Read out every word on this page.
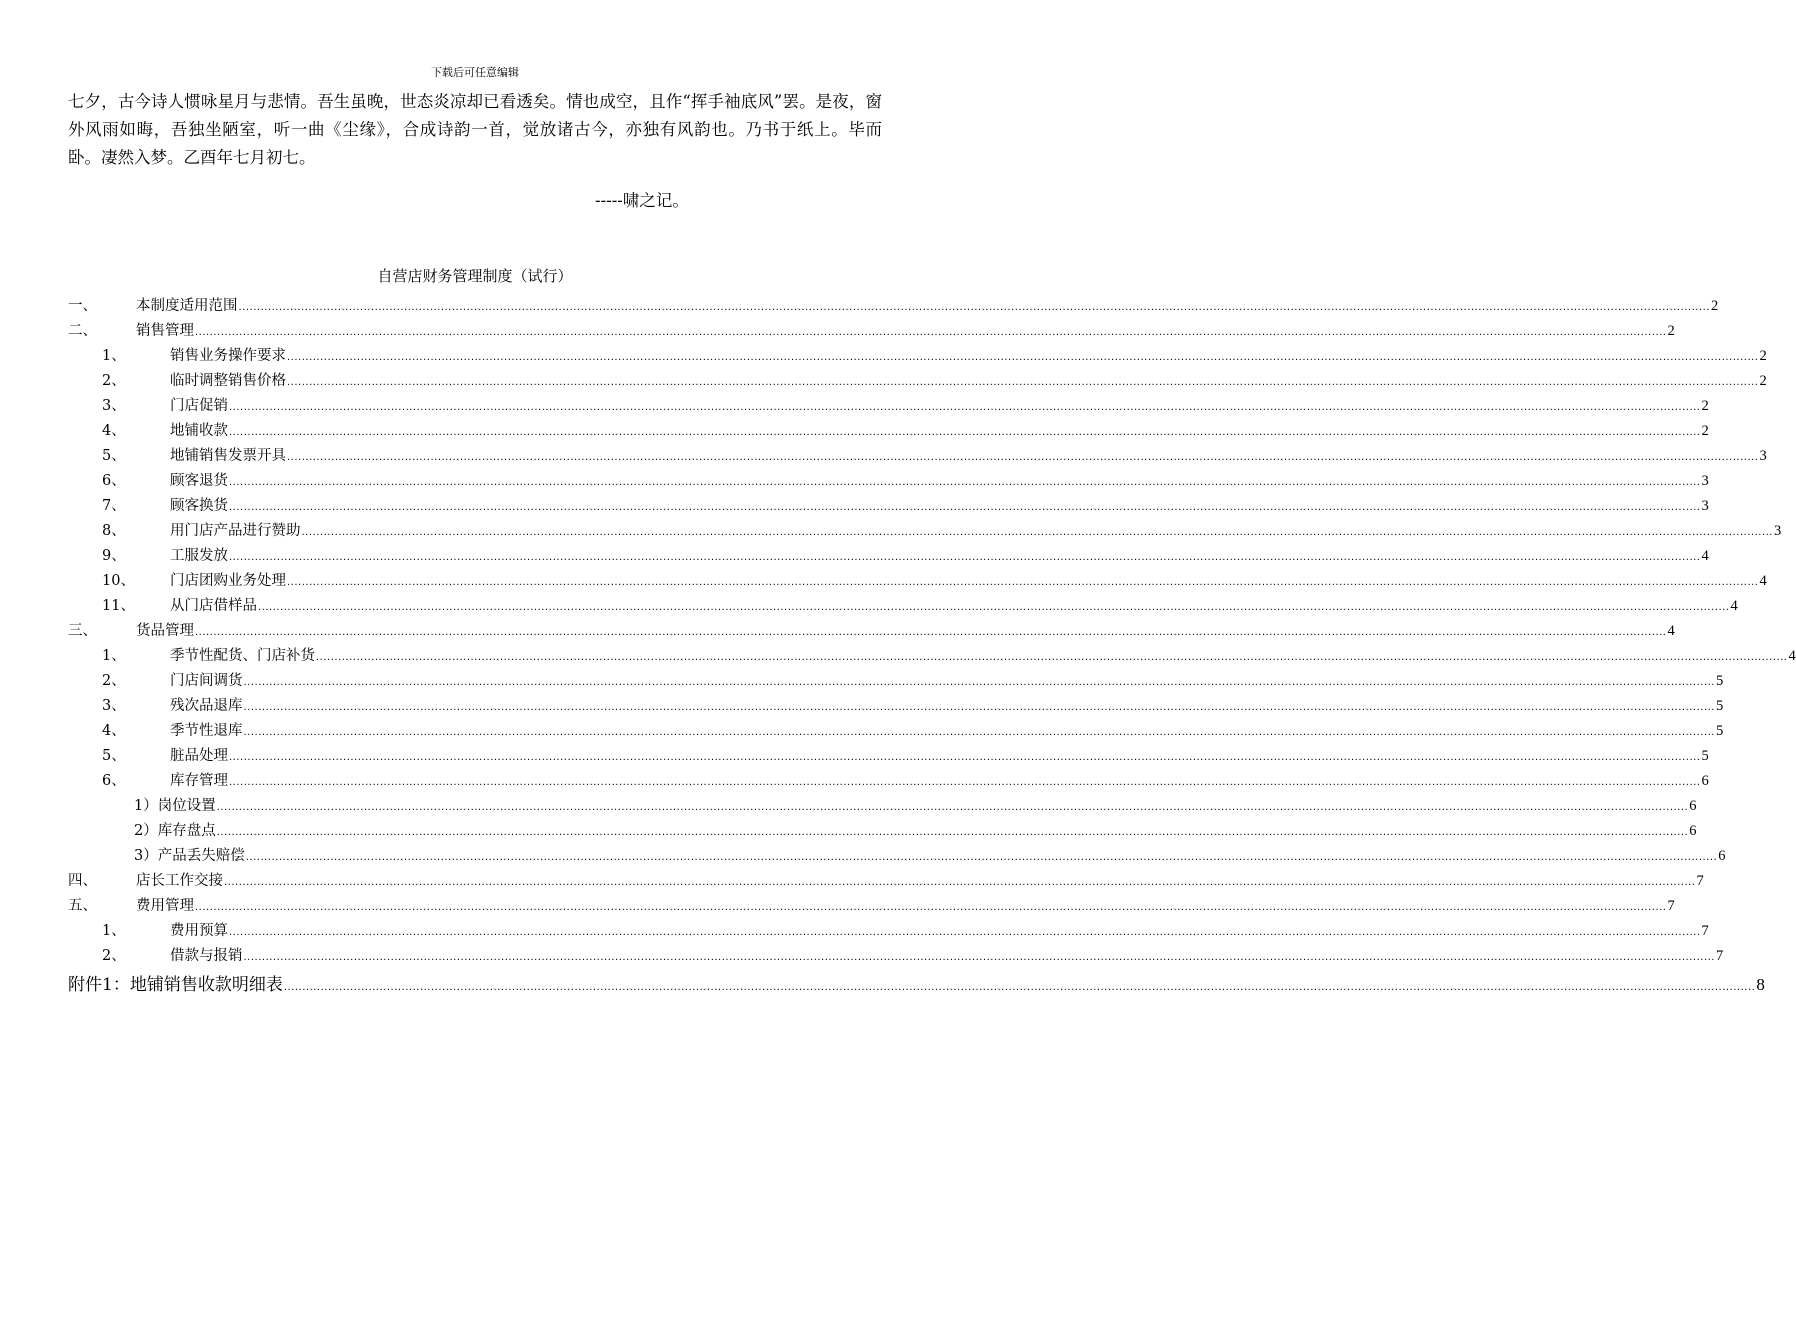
下载后可任意编辑
七夕，古今诗人惯咏星月与悲情。吾生虽晚，世态炎凉却已看透矣。情也成空，且作“挥手袖底风”罢。是夜，窗外风雨如晦，吾独坐陋室，听一曲《尘缘》，合成诗韵一首，觉放诸古今，亦独有风韵也。乃书于纸上。毕而卧。凄然入梦。乙酉年七月初七。
-----啸之记。
自营店财务管理制度（试行）
一、	本制度适用范围 ................................................................................................................................................................................................................................................................................................................................................................................................................ 2
二、	销售管理 ................................................................................................................................................................................................................................................................................................................................................................................................................ 2
1、	销售业务操作要求 ................................................................................................................................................................................................................................................................................................................................................................................................................ 2
2、	临时调整销售价格 ................................................................................................................................................................................................................................................................................................................................................................................................................ 2
3、	门店促销 ................................................................................................................................................................................................................................................................................................................................................................................................................ 2
4、	地铺收款 ................................................................................................................................................................................................................................................................................................................................................................................................................ 2
5、	地铺销售发票开具 ................................................................................................................................................................................................................................................................................................................................................................................................................ 3
6、	顾客退货 ................................................................................................................................................................................................................................................................................................................................................................................................................ 3
7、	顾客换货 ................................................................................................................................................................................................................................................................................................................................................................................................................ 3
8、	用门店产品进行赞助 ................................................................................................................................................................................................................................................................................................................................................................................................................ 3
9、	工服发放 ................................................................................................................................................................................................................................................................................................................................................................................................................ 4
10、	门店团购业务处理 ................................................................................................................................................................................................................................................................................................................................................................................................................ 4
11、	从门店借样品 ................................................................................................................................................................................................................................................................................................................................................................................................................ 4
三、	货品管理 ................................................................................................................................................................................................................................................................................................................................................................................................................ 4
1、	季节性配货、门店补货 ................................................................................................................................................................................................................................................................................................................................................................................................................ 4
2、	门店间调货 ................................................................................................................................................................................................................................................................................................................................................................................................................ 5
3、	残次品退库 ................................................................................................................................................................................................................................................................................................................................................................................................................ 5
4、	季节性退库 ................................................................................................................................................................................................................................................................................................................................................................................................................ 5
5、	脏品处理 ................................................................................................................................................................................................................................................................................................................................................................................................................ 5
6、	库存管理 ................................................................................................................................................................................................................................................................................................................................................................................................................ 6
1） 岗位设置 ................................................................................................................................................................................................................................................................................................................................................................................................................ 6
2） 库存盘点 ................................................................................................................................................................................................................................................................................................................................................................................................................ 6
3） 产品丢失赔偿 ................................................................................................................................................................................................................................................................................................................................................................................................................ 6
四、	店长工作交接 ................................................................................................................................................................................................................................................................................................................................................................................................................ 7
五、	费用管理 ................................................................................................................................................................................................................................................................................................................................................................................................................ 7
1、	费用预算 ................................................................................................................................................................................................................................................................................................................................................................................................................ 7
2、	借款与报销 ................................................................................................................................................................................................................................................................................................................................................................................................................ 7
附件1：地铺销售收款明细表 ................................................................................................................................................................................................................................................................................................................................................................................................................ 8
